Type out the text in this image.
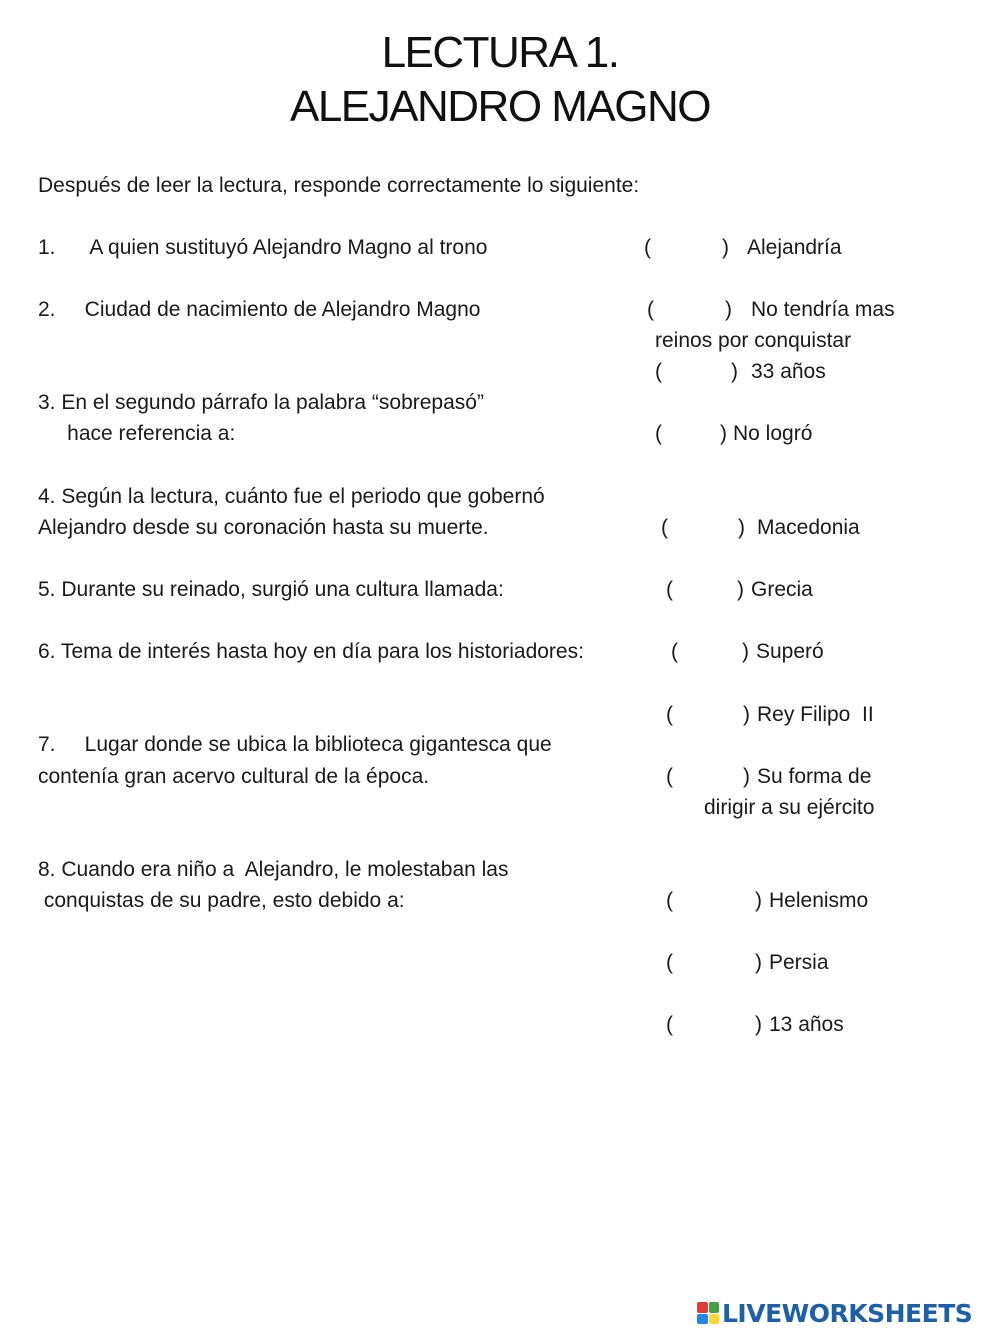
LECTURA 1.
ALEJANDRO MAGNO
Después de leer la lectura, responde correctamente lo siguiente:
1.      A quien sustituyó Alejandro Magno al trono
2.     Ciudad de nacimiento de Alejandro Magno
3. En el segundo párrafo la palabra “sobrepasó”
hace referencia a:
4. Según la lectura, cuánto fue el periodo que gobernó
Alejandro desde su coronación hasta su muerte.
5. Durante su reinado, surgió una cultura llamada:
6. Tema de interés hasta hoy en día para los historiadores:
7.     Lugar donde se ubica la biblioteca gigantesca que
contenía gran acervo cultural de la época.
8. Cuando era niño a  Alejandro, le molestaban las
conquistas de su padre, esto debido a:
(	) Alejandría
(	) No tendría mas
reinos por conquistar
(	) 33 años
(	) No logró
(	) Macedonia
(	) Grecia
(	) Superó
(	) Rey Filipo  II
(	) Su forma de
dirigir a su ejército
(	) Helenismo
(	) Persia
(	) 13 años
LIVEWORKSHEETS
